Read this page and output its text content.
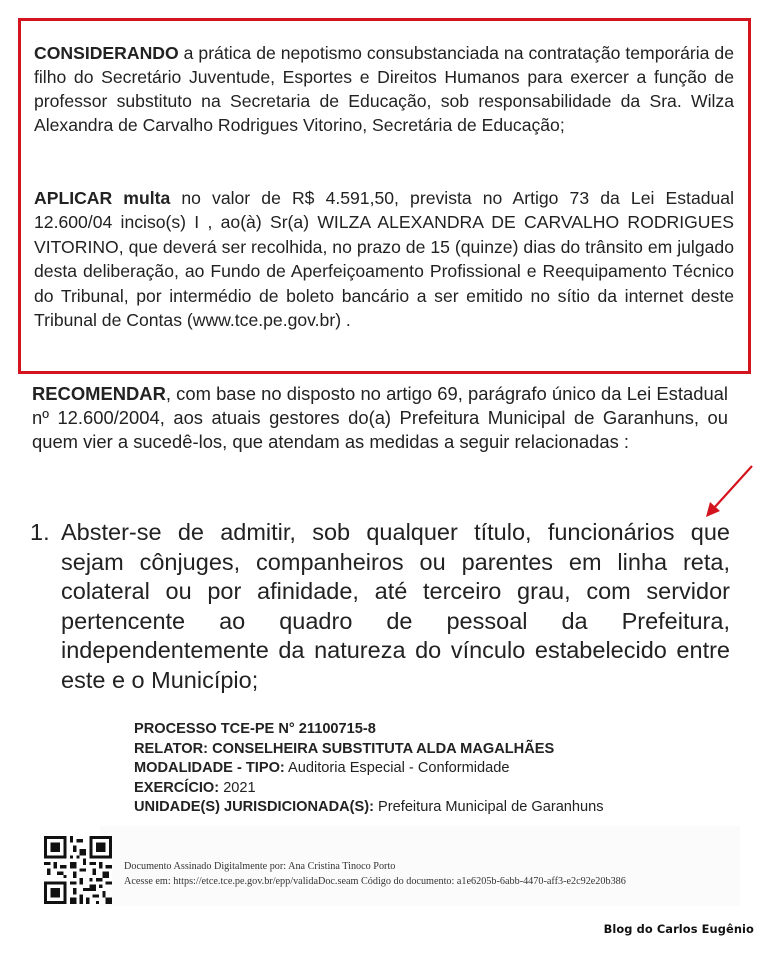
CONSIDERANDO a prática de nepotismo consubstanciada na contratação temporária de filho do Secretário Juventude, Esportes e Direitos Humanos para exercer a função de professor substituto na Secretaria de Educação, sob responsabilidade da Sra. Wilza Alexandra de Carvalho Rodrigues Vitorino, Secretária de Educação;

APLICAR multa no valor de R$ 4.591,50, prevista no Artigo 73 da Lei Estadual 12.600/04 inciso(s) I , ao(à) Sr(a) WILZA ALEXANDRA DE CARVALHO RODRIGUES VITORINO, que deverá ser recolhida, no prazo de 15 (quinze) dias do trânsito em julgado desta deliberação, ao Fundo de Aperfeiçoamento Profissional e Reequipamento Técnico do Tribunal, por intermédio de boleto bancário a ser emitido no sítio da internet deste Tribunal de Contas (www.tce.pe.gov.br) .

RECOMENDAR, com base no disposto no artigo 69, parágrafo único da Lei Estadual nº 12.600/2004, aos atuais gestores do(a) Prefeitura Municipal de Garanhuns, ou quem vier a sucedê-los, que atendam as medidas a seguir relacionadas :

1. Abster-se de admitir, sob qualquer título, funcionários que sejam cônjuges, companheiros ou parentes em linha reta, colateral ou por afinidade, até terceiro grau, com servidor pertencente ao quadro de pessoal da Prefeitura, independentemente da natureza do vínculo estabelecido entre este e o Município;
PROCESSO TCE-PE N° 21100715-8
RELATOR: CONSELHEIRA SUBSTITUTA ALDA MAGALHÃES
MODALIDADE - TIPO: Auditoria Especial - Conformidade
EXERCÍCIO: 2021
UNIDADE(S) JURISDICIONADA(S): Prefeitura Municipal de Garanhuns
Documento Assinado Digitalmente por: Ana Cristina Tinoco Porto
Acesse em: https://etce.tce.pe.gov.br/epp/validaDoc.seam Código do documento: a1e6205b-6abb-4470-aff3-e2c92e20b386
Blog do Carlos Eugênio
